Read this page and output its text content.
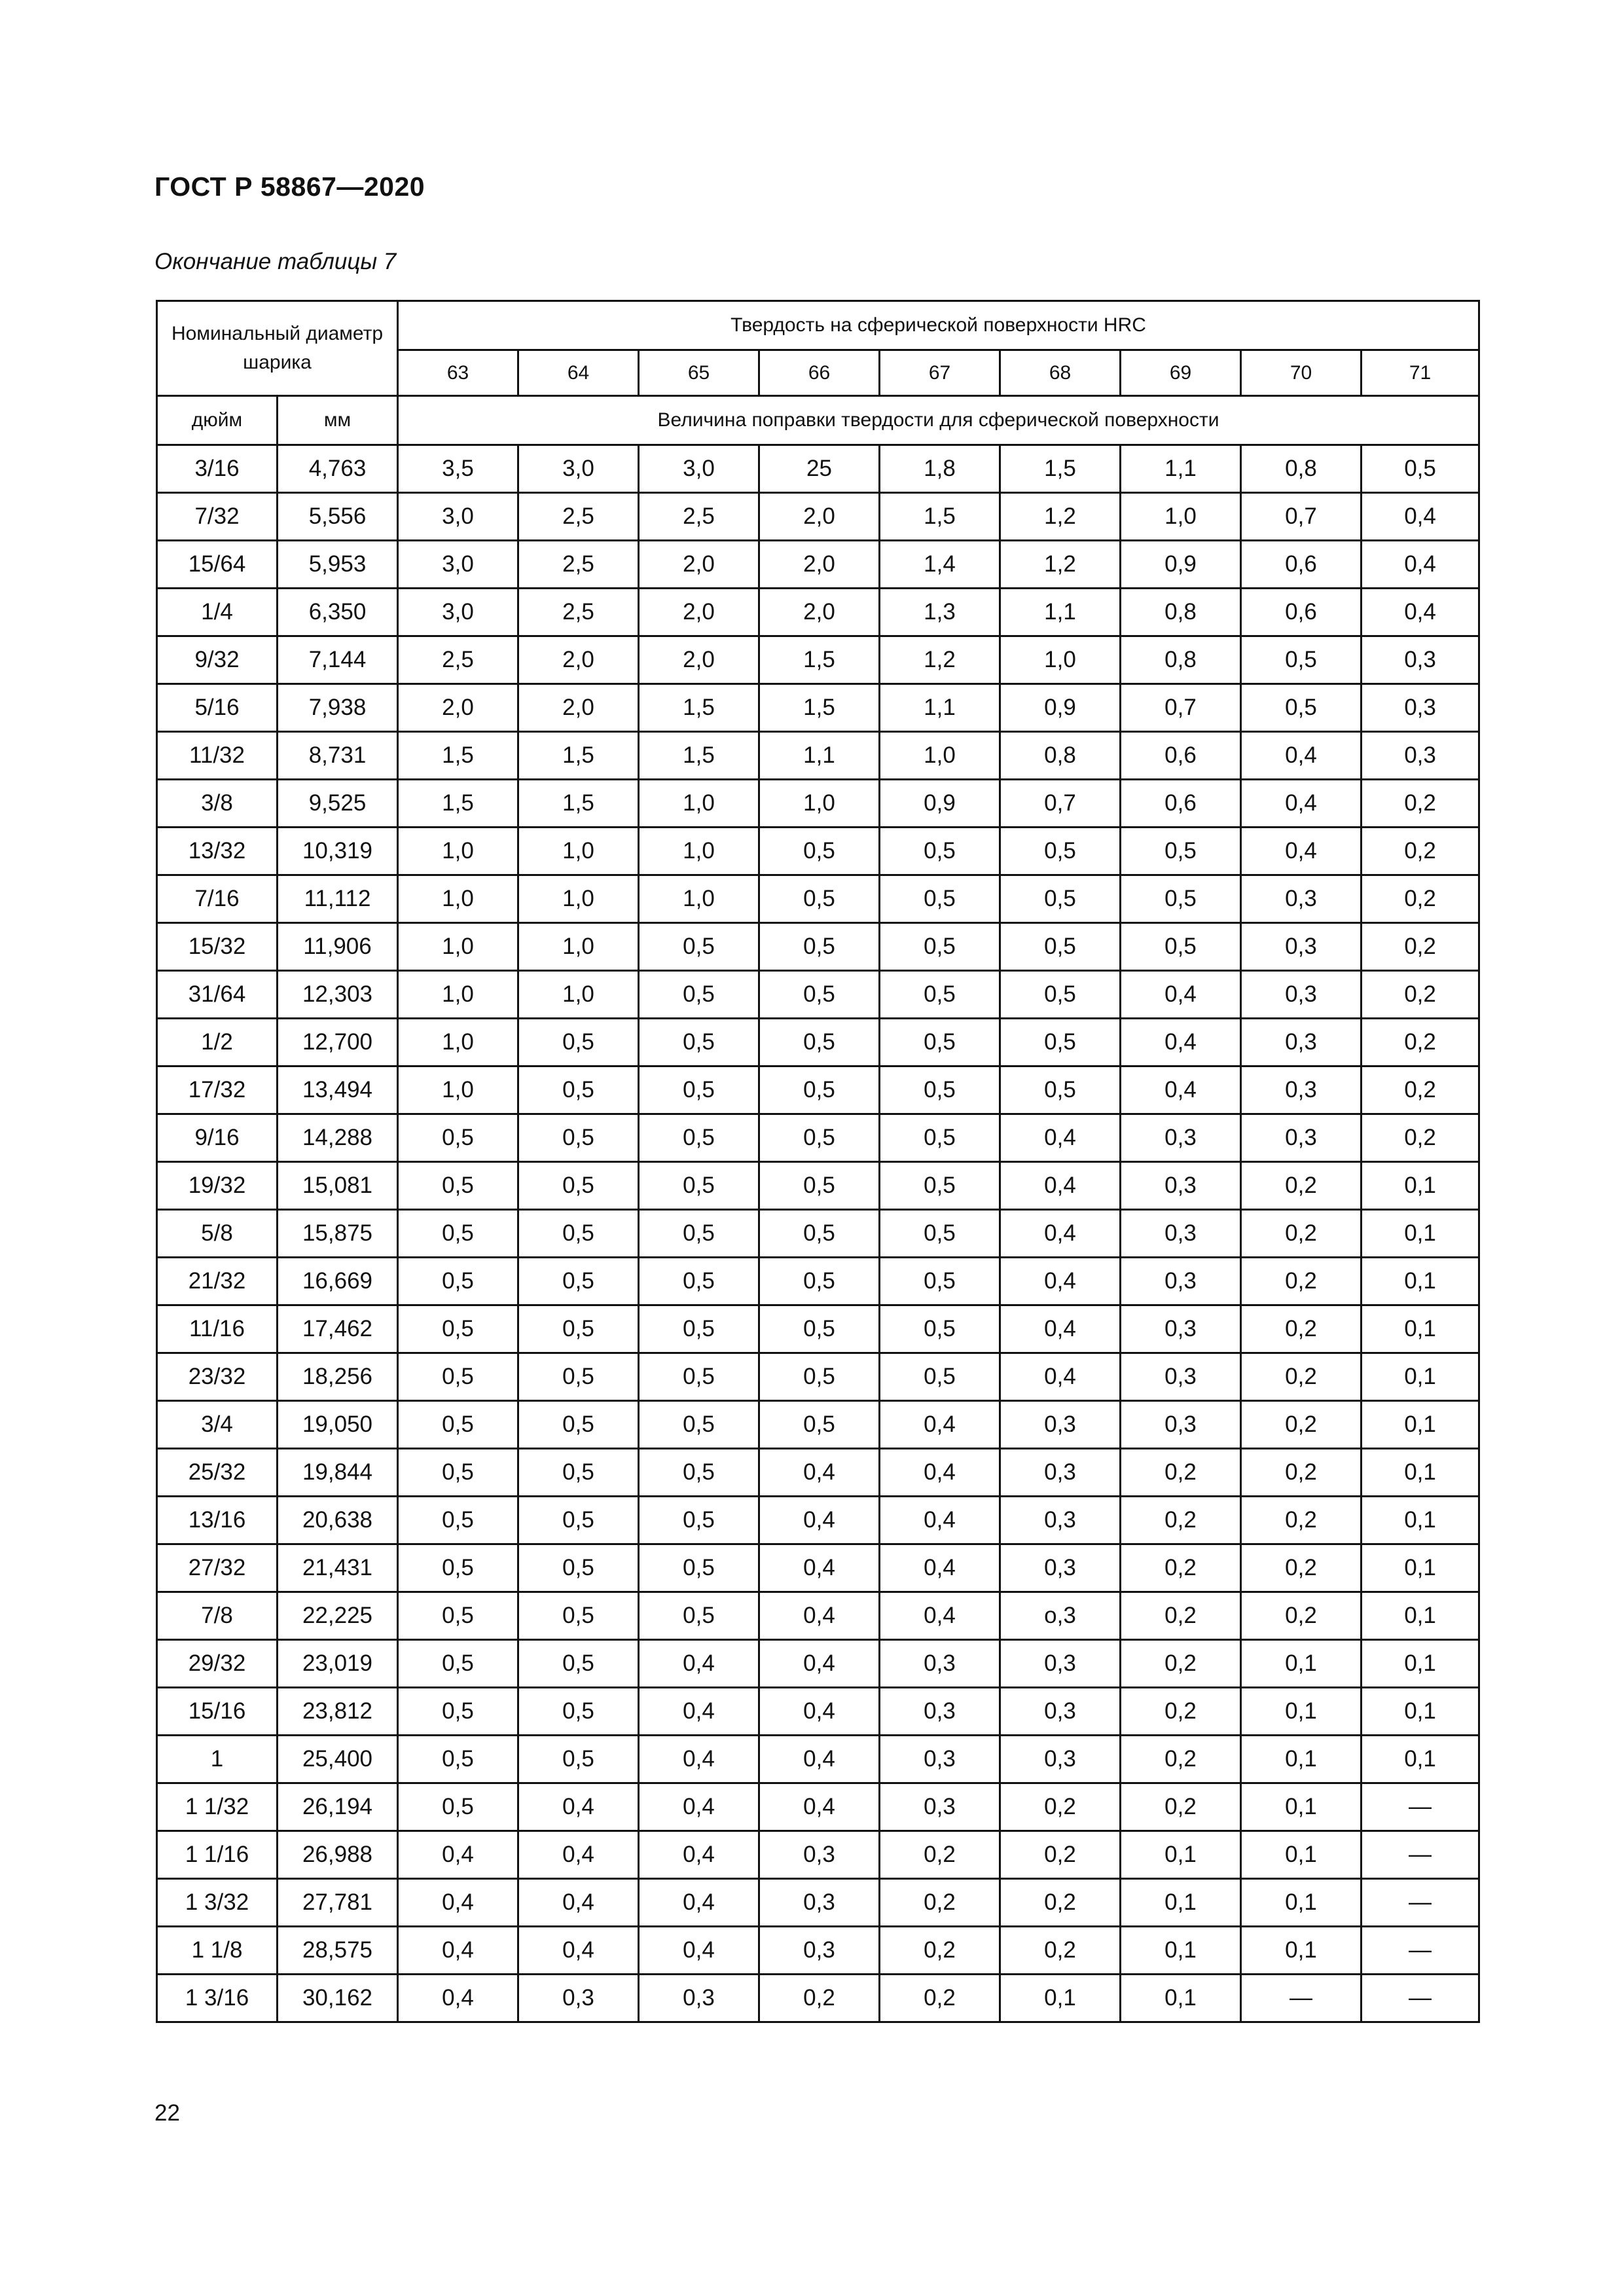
ГОСТ Р 58867—2020
Окончание таблицы 7
Номинальный диаметр шарика		Твердость на сферической поверхности HRC								
		63	64	65	66	67	68	69	70	71
дюйм	мм	Величина поправки твердости для сферической поверхности								
3/16	4,763	3,5	3,0	3,0	25	1,8	1,5	1,1	0,8	0,5
7/32	5,556	3,0	2,5	2,5	2,0	1,5	1,2	1,0	0,7	0,4
15/64	5,953	3,0	2,5	2,0	2,0	1,4	1,2	0,9	0,6	0,4
1/4	6,350	3,0	2,5	2,0	2,0	1,3	1,1	0,8	0,6	0,4
9/32	7,144	2,5	2,0	2,0	1,5	1,2	1,0	0,8	0,5	0,3
5/16	7,938	2,0	2,0	1,5	1,5	1,1	0,9	0,7	0,5	0,3
11/32	8,731	1,5	1,5	1,5	1,1	1,0	0,8	0,6	0,4	0,3
3/8	9,525	1,5	1,5	1,0	1,0	0,9	0,7	0,6	0,4	0,2
13/32	10,319	1,0	1,0	1,0	0,5	0,5	0,5	0,5	0,4	0,2
7/16	11,112	1,0	1,0	1,0	0,5	0,5	0,5	0,5	0,3	0,2
15/32	11,906	1,0	1,0	0,5	0,5	0,5	0,5	0,5	0,3	0,2
31/64	12,303	1,0	1,0	0,5	0,5	0,5	0,5	0,4	0,3	0,2
1/2	12,700	1,0	0,5	0,5	0,5	0,5	0,5	0,4	0,3	0,2
17/32	13,494	1,0	0,5	0,5	0,5	0,5	0,5	0,4	0,3	0,2
9/16	14,288	0,5	0,5	0,5	0,5	0,5	0,4	0,3	0,3	0,2
19/32	15,081	0,5	0,5	0,5	0,5	0,5	0,4	0,3	0,2	0,1
5/8	15,875	0,5	0,5	0,5	0,5	0,5	0,4	0,3	0,2	0,1
21/32	16,669	0,5	0,5	0,5	0,5	0,5	0,4	0,3	0,2	0,1
11/16	17,462	0,5	0,5	0,5	0,5	0,5	0,4	0,3	0,2	0,1
23/32	18,256	0,5	0,5	0,5	0,5	0,5	0,4	0,3	0,2	0,1
3/4	19,050	0,5	0,5	0,5	0,5	0,4	0,3	0,3	0,2	0,1
25/32	19,844	0,5	0,5	0,5	0,4	0,4	0,3	0,2	0,2	0,1
13/16	20,638	0,5	0,5	0,5	0,4	0,4	0,3	0,2	0,2	0,1
27/32	21,431	0,5	0,5	0,5	0,4	0,4	0,3	0,2	0,2	0,1
7/8	22,225	0,5	0,5	0,5	0,4	0,4	о,3	0,2	0,2	0,1
29/32	23,019	0,5	0,5	0,4	0,4	0,3	0,3	0,2	0,1	0,1
15/16	23,812	0,5	0,5	0,4	0,4	0,3	0,3	0,2	0,1	0,1
1	25,400	0,5	0,5	0,4	0,4	0,3	0,3	0,2	0,1	0,1
1 1/32	26,194	0,5	0,4	0,4	0,4	0,3	0,2	0,2	0,1	—
1 1/16	26,988	0,4	0,4	0,4	0,3	0,2	0,2	0,1	0,1	—
1 3/32	27,781	0,4	0,4	0,4	0,3	0,2	0,2	0,1	0,1	—
1 1/8	28,575	0,4	0,4	0,4	0,3	0,2	0,2	0,1	0,1	—
1 3/16	30,162	0,4	0,3	0,3	0,2	0,2	0,1	0,1	—	—
22
